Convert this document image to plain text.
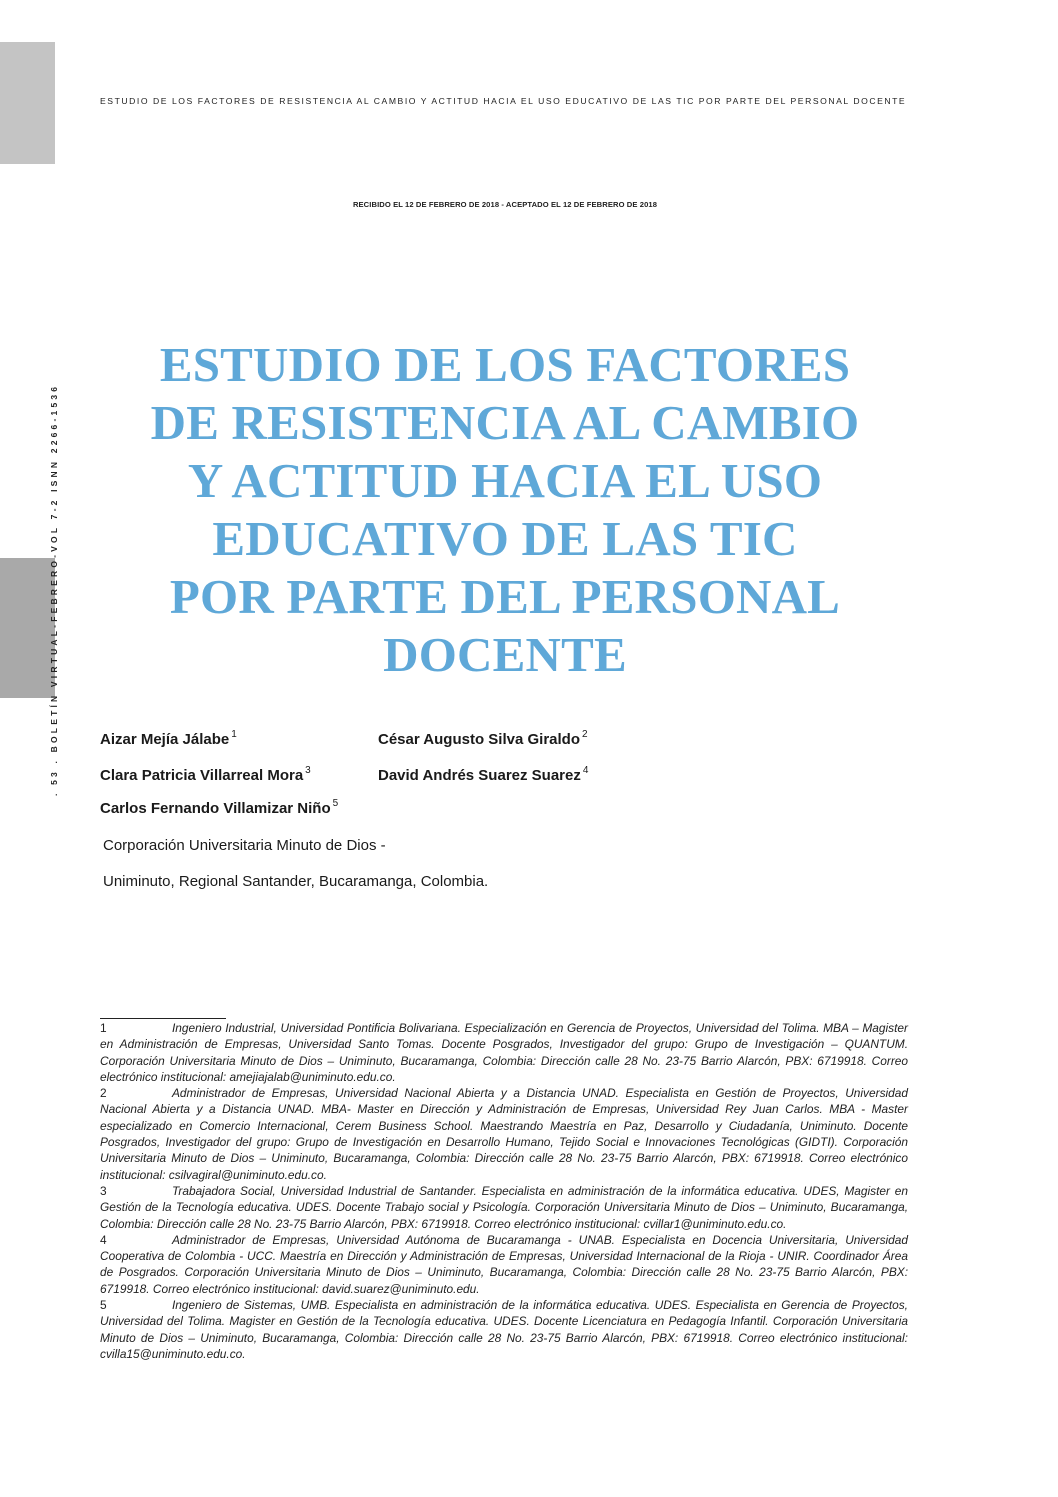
. 53 . BOLETÍN VIRTUAL-FEBRERO-VOL 7-2 ISNN 2266-1536
ESTUDIO DE LOS FACTORES DE RESISTENCIA AL CAMBIO Y ACTITUD HACIA EL USO EDUCATIVO DE LAS TIC POR PARTE DEL PERSONAL DOCENTE
RECIBIDO EL 12 DE FEBRERO DE 2018 - ACEPTADO EL 12 DE FEBRERO DE 2018
ESTUDIO DE LOS FACTORES
DE RESISTENCIA AL CAMBIO
Y ACTITUD HACIA EL USO
EDUCATIVO DE LAS TIC
POR PARTE DEL PERSONAL
DOCENTE
Aizar Mejía Jálabe $^1$	César Augusto Silva Giraldo $^2$
Clara Patricia Villarreal Mora $^3$	David Andrés Suarez Suarez $^4$
Carlos Fernando Villamizar Niño $^5$
Corporación Universitaria Minuto de Dios -
Uniminuto, Regional Santander, Bucaramanga, Colombia.

1	Ingeniero Industrial, Universidad Pontificia Bolivariana. Especialización en Gerencia de Proyectos, Universidad del Tolima. MBA – Magister en Administración de Empresas, Universidad Santo Tomas. Docente Posgrados, Investigador del grupo: Grupo de Investigación – QUANTUM. Corporación Universitaria Minuto de Dios – Uniminuto, Bucaramanga, Colombia: Dirección calle 28 No. 23-75 Barrio Alarcón, PBX: 6719918. Correo electrónico institucional: amejiajalab@uniminuto.edu.co.

2	Administrador de Empresas, Universidad Nacional Abierta y a Distancia UNAD. Especialista en Gestión de Proyectos, Universidad Nacional Abierta y a Distancia UNAD. MBA- Master en Dirección y Administración de Empresas, Universidad Rey Juan Carlos. MBA - Master especializado en Comercio Internacional, Cerem Business School. Maestrando Maestría en Paz, Desarrollo y Ciudadanía, Uniminuto. Docente Posgrados, Investigador del grupo: Grupo de Investigación en Desarrollo Humano, Tejido Social e Innovaciones Tecnológicas (GIDTI). Corporación Universitaria Minuto de Dios – Uniminuto, Bucaramanga, Colombia: Dirección calle 28 No. 23-75 Barrio Alarcón, PBX: 6719918. Correo electrónico institucional: csilvagiral@uniminuto.edu.co.

3	Trabajadora Social, Universidad Industrial de Santander. Especialista en administración de la informática educativa. UDES, Magister en Gestión de la Tecnología educativa. UDES. Docente Trabajo social y Psicología. Corporación Universitaria Minuto de Dios – Uniminuto, Bucaramanga, Colombia: Dirección calle 28 No. 23-75 Barrio Alarcón, PBX: 6719918. Correo electrónico institucional: cvillar1@uniminuto.edu.co.

4	Administrador de Empresas, Universidad Autónoma de Bucaramanga - UNAB. Especialista en Docencia Universitaria, Universidad Cooperativa de Colombia - UCC. Maestría en Dirección y Administración de Empresas, Universidad Internacional de la Rioja - UNIR. Coordinador Área de Posgrados. Corporación Universitaria Minuto de Dios – Uniminuto, Bucaramanga, Colombia: Dirección calle 28 No. 23-75 Barrio Alarcón, PBX: 6719918. Correo electrónico institucional: david.suarez@uniminuto.edu.

5	Ingeniero de Sistemas, UMB. Especialista en administración de la informática educativa. UDES. Especialista en Gerencia de Proyectos, Universidad del Tolima. Magister en Gestión de la Tecnología educativa. UDES. Docente Licenciatura en Pedagogía Infantil. Corporación Universitaria Minuto de Dios – Uniminuto, Bucaramanga, Colombia: Dirección calle 28 No. 23-75 Barrio Alarcón, PBX: 6719918. Correo electrónico institucional: cvilla15@uniminuto.edu.co.
